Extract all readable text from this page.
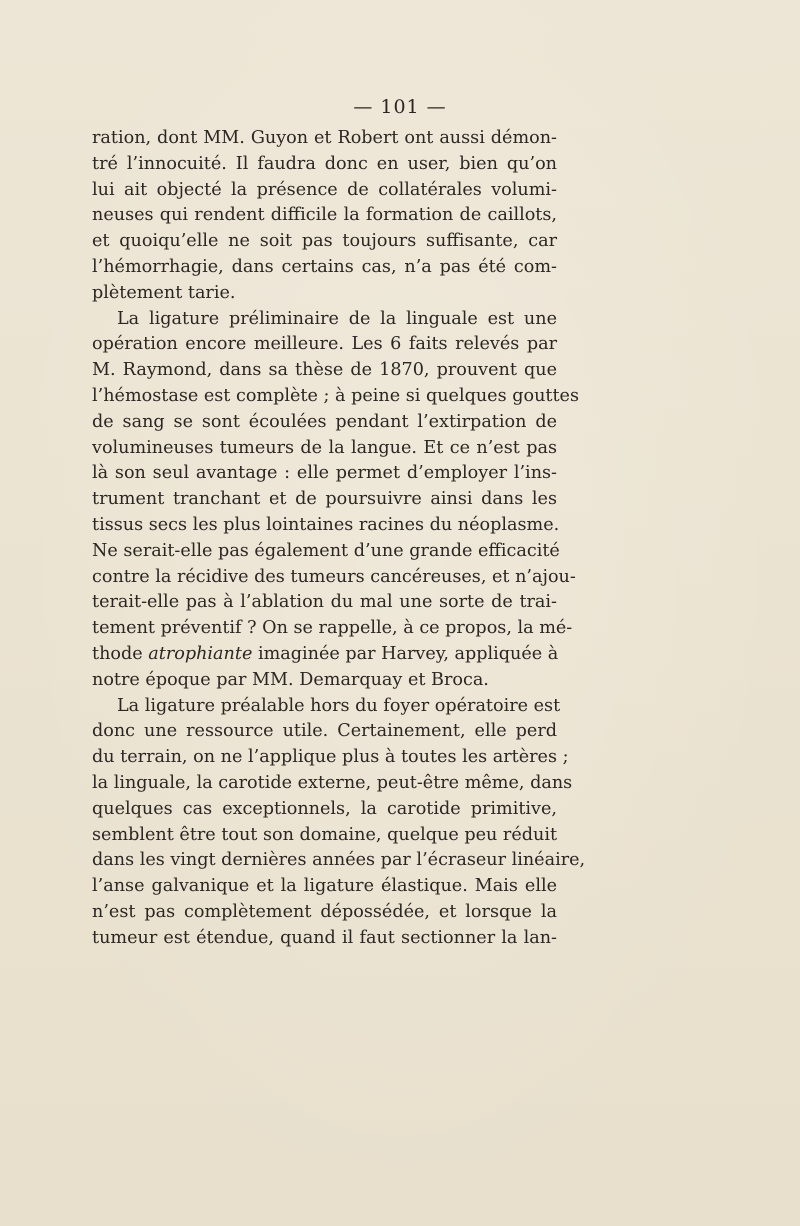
— 101 —
ration, dont MM. Guyon et Robert ont aussi démon-
tré l’innocuité. Il faudra donc en user, bien qu’on
lui ait objecté la présence de collatérales volumi-
neuses qui rendent difficile la formation de caillots,
et quoiqu’elle ne soit pas toujours suffisante, car
l’hémorrhagie, dans certains cas, n’a pas été com-
plètement tarie.
La ligature préliminaire de la linguale est une
opération encore meilleure. Les 6 faits relevés par
M. Raymond, dans sa thèse de 1870, prouvent que
l’hémostase est complète ; à peine si quelques gouttes
de sang se sont écoulées pendant l’extirpation de
volumineuses tumeurs de la langue. Et ce n’est pas
là son seul avantage : elle permet d’employer l’ins-
trument tranchant et de poursuivre ainsi dans les
tissus secs les plus lointaines racines du néoplasme.
Ne serait-elle pas également d’une grande efficacité
contre la récidive des tumeurs cancéreuses, et n’ajou-
terait-elle pas à l’ablation du mal une sorte de trai-
tement préventif ? On se rappelle, à ce propos, la mé-
thode atrophiante imaginée par Harvey, appliquée à
notre époque par MM. Demarquay et Broca.
La ligature préalable hors du foyer opératoire est
donc une ressource utile. Certainement, elle perd
du terrain, on ne l’applique plus à toutes les artères ;
la linguale, la carotide externe, peut-être même, dans
quelques cas exceptionnels, la carotide primitive,
semblent être tout son domaine, quelque peu réduit
dans les vingt dernières années par l’écraseur linéaire,
l’anse galvanique et la ligature élastique. Mais elle
n’est pas complètement dépossédée, et lorsque la
tumeur est étendue, quand il faut sectionner la lan-
